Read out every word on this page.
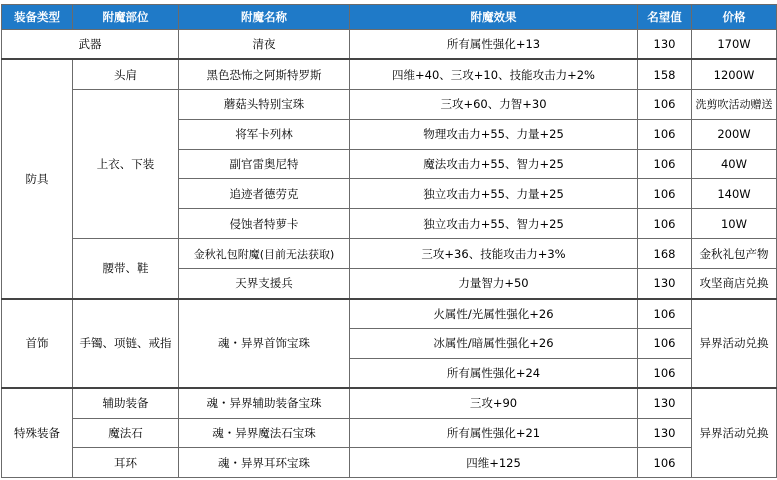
装备类型	附魔部位	附魔名称	附魔效果	名望值	价格
武器		清夜	所有属性强化+13	130	170W
防具	头肩	黑色恐怖之阿斯特罗斯	四维+40、三攻+10、技能攻击力+2%	158	1200W
	上衣、下装	蘑菇头特别宝珠	三攻+60、力智+30	106	洗剪吹活动赠送
		将军卡列林	物理攻击力+55、力量+25	106	200W
		副官雷奥尼特	魔法攻击力+55、智力+25	106	40W
		追迹者德劳克	独立攻击力+55、力量+25	106	140W
		侵蚀者特萝卡	独立攻击力+55、智力+25	106	10W
	腰带、鞋	金秋礼包附魔(目前无法获取)	三攻+36、技能攻击力+3%	168	金秋礼包产物
		天界支援兵	力量智力+50	130	攻坚商店兑换
首饰	手镯、项链、戒指	魂・异界首饰宝珠	火属性/光属性强化+26	106	异界活动兑换
			冰属性/暗属性强化+26	106	
			所有属性强化+24	106	
特殊装备	辅助装备	魂・异界辅助装备宝珠	三攻+90	130	异界活动兑换
	魔法石	魂・异界魔法石宝珠	所有属性强化+21	130	
	耳环	魂・异界耳环宝珠	四维+125	106	
